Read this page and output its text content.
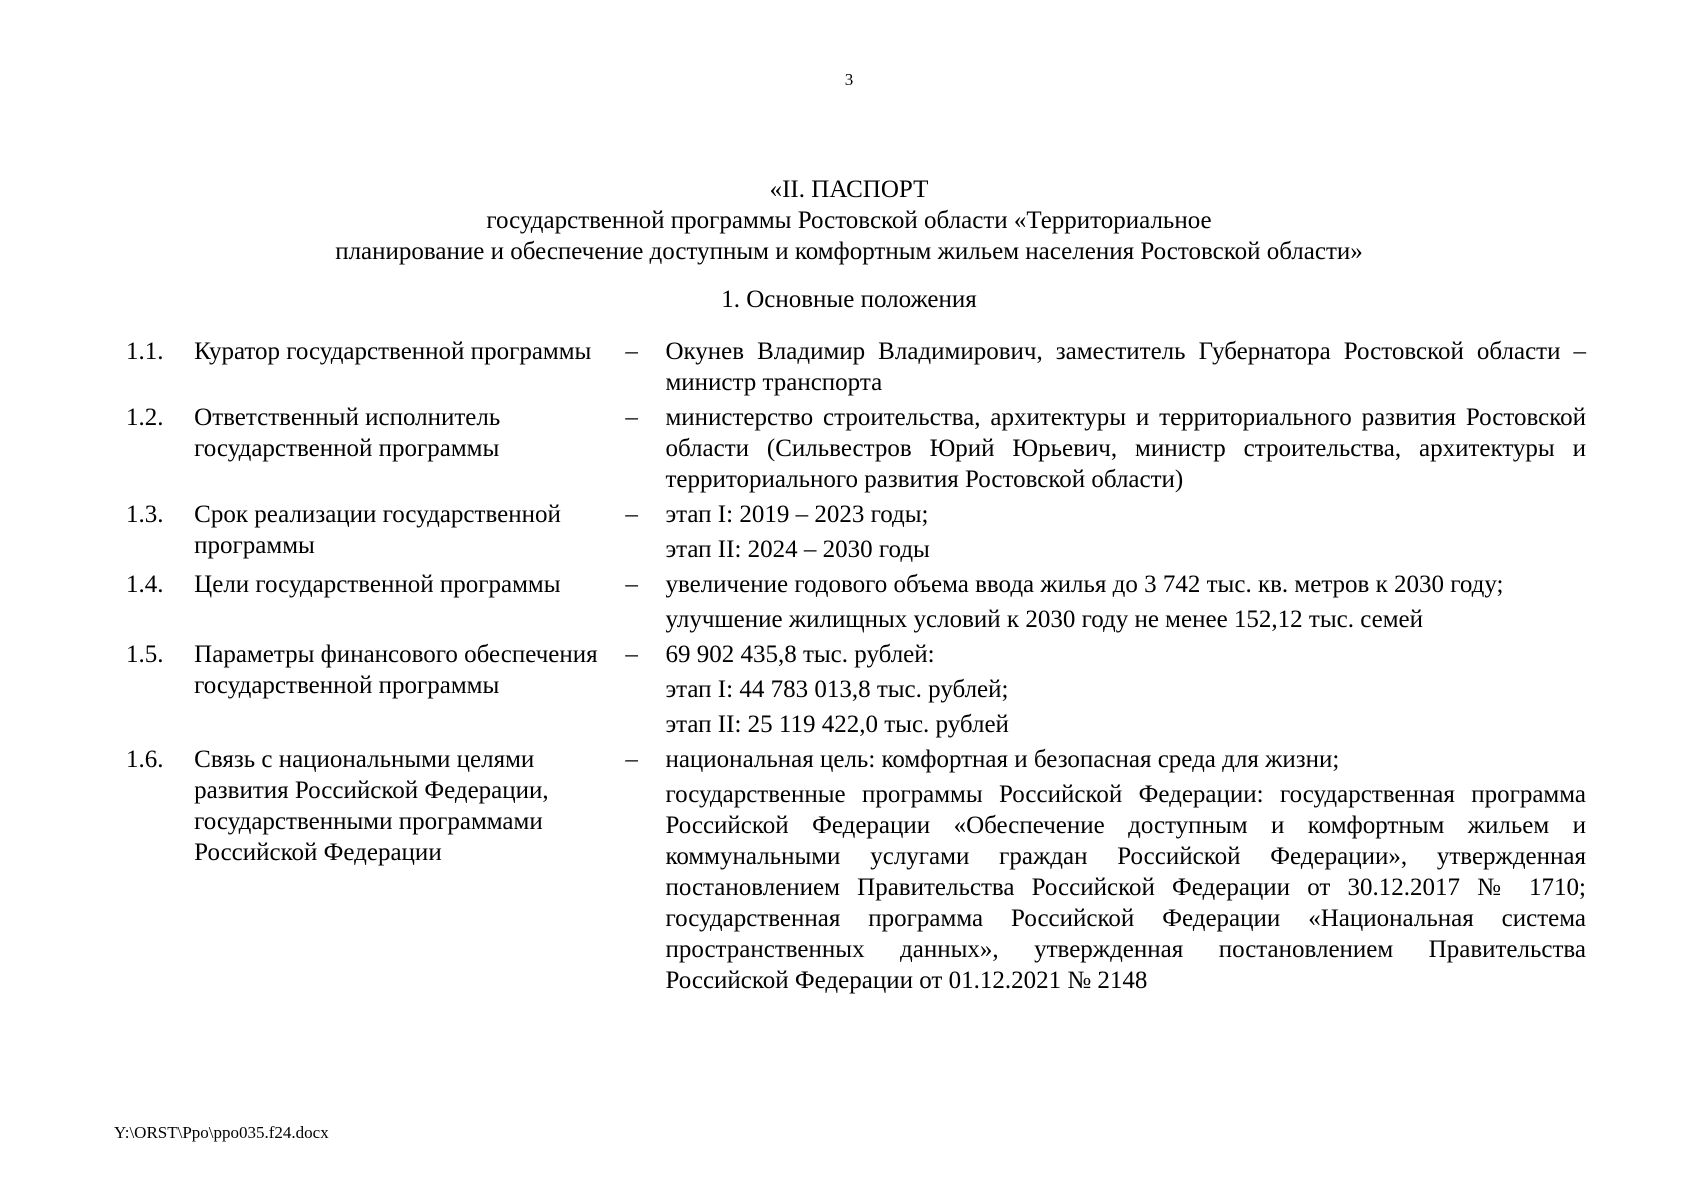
3
«II. ПАСПОРТ
государственной программы Ростовской области «Территориальное
планирование и обеспечение доступным и комфортным жильем населения Ростовской области»
1. Основные положения
1.1.	Куратор государственной программы	–	Окунев Владимир Владимирович, заместитель Губернатора Ростовской области – министр транспорта

1.2.	Ответственный исполнитель государственной программы	–	министерство строительства, архитектуры и территориального развития Ростовской области (Сильвестров Юрий Юрьевич, министр строительства, архитектуры и территориального развития Ростовской области)

1.3.	Срок реализации государственной программы	–	этап I: 2019 – 2023 годы;
этап II: 2024 – 2030 годы

1.4.	Цели государственной программы	–	увеличение годового объема ввода жилья до 3 742 тыс. кв. метров к 2030 году;
улучшение жилищных условий к 2030 году не менее 152,12 тыс. семей

1.5.	Параметры финансового обеспечения государственной программы	–	69 902 435,8 тыс. рублей:
этап I: 44 783 013,8 тыс. рублей;
этап II: 25 119 422,0 тыс. рублей

1.6.	Связь с национальными целями развития Российской Федерации, государственными программами Российской Федерации	–	национальная цель: комфортная и безопасная среда для жизни;
государственные программы Российской Федерации: государственная программа Российской Федерации «Обеспечение доступным и комфортным жильем и коммунальными услугами граждан Российской Федерации», утвержденная постановлением Правительства Российской Федерации от 30.12.2017 № 1710; государственная программа Российской Федерации «Национальная система пространственных данных», утвержденная постановлением Правительства Российской Федерации от 01.12.2021 № 2148
Y:\ORST\Ppo\ppo035.f24.docx
